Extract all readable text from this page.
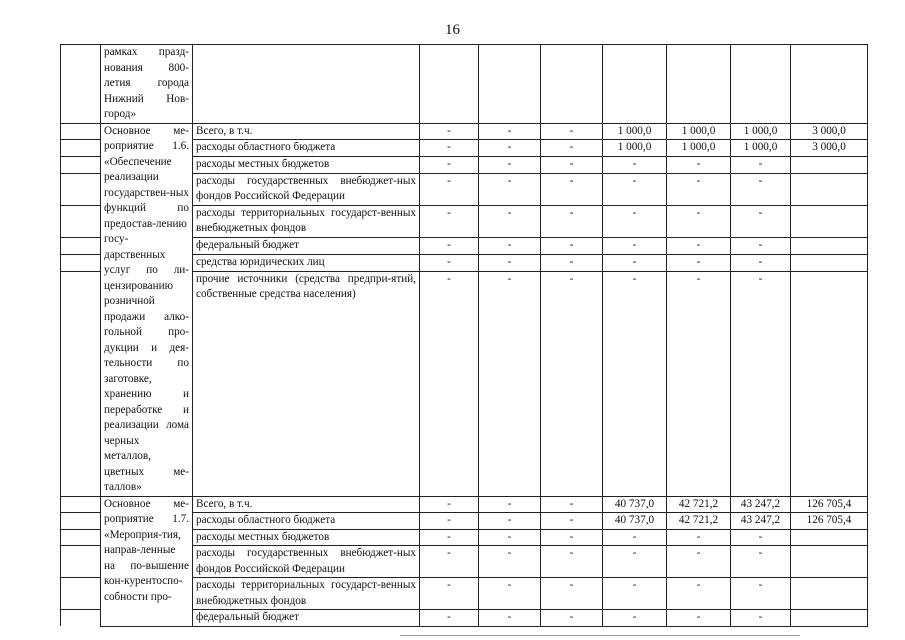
16
	рамках празд-нования 800-летия города Нижний Нов-город»								
	Основное ме-роприятие 1.6. «Обеспечение реализации государствен-ных функций по предостав-лению госу-дарственных услуг по ли-цензированию розничной продажи алко-гольной про-дукции и дея-тельности по заготовке, хранению и переработке и реализации лома черных металлов, цветных ме-таллов»	Всего, в т.ч.	-	-	-	1 000,0	1 000,0	1 000,0	3 000,0
		расходы областного бюджета	-	-	-	1 000,0	1 000,0	1 000,0	3 000,0
		расходы местных бюджетов	-	-	-	-	-	-	
		расходы государственных внебюджет-ных фондов Российской Федерации	-	-	-	-	-	-	
		расходы территориальных государст-венных внебюджетных фондов	-	-	-	-	-	-	
		федеральный бюджет	-	-	-	-	-	-	
		средства юридических лиц	-	-	-	-	-	-	
		прочие источники (средства предпри-ятий, собственные средства населения)	-	-	-	-	-	-	
	Основное ме-роприятие 1.7. «Мероприя-тия, направ-ленные на по-вышение кон-курентоспо-собности про-	Всего, в т.ч.	-	-	-	40 737,0	42 721,2	43 247,2	126 705,4
		расходы областного бюджета	-	-	-	40 737,0	42 721,2	43 247,2	126 705,4
		расходы местных бюджетов	-	-	-	-	-	-	
		расходы государственных внебюджет-ных фондов Российской Федерации	-	-	-	-	-	-	
		расходы территориальных государст-венных внебюджетных фондов	-	-	-	-	-	-	
		федеральный бюджет	-	-	-	-	-	-	
